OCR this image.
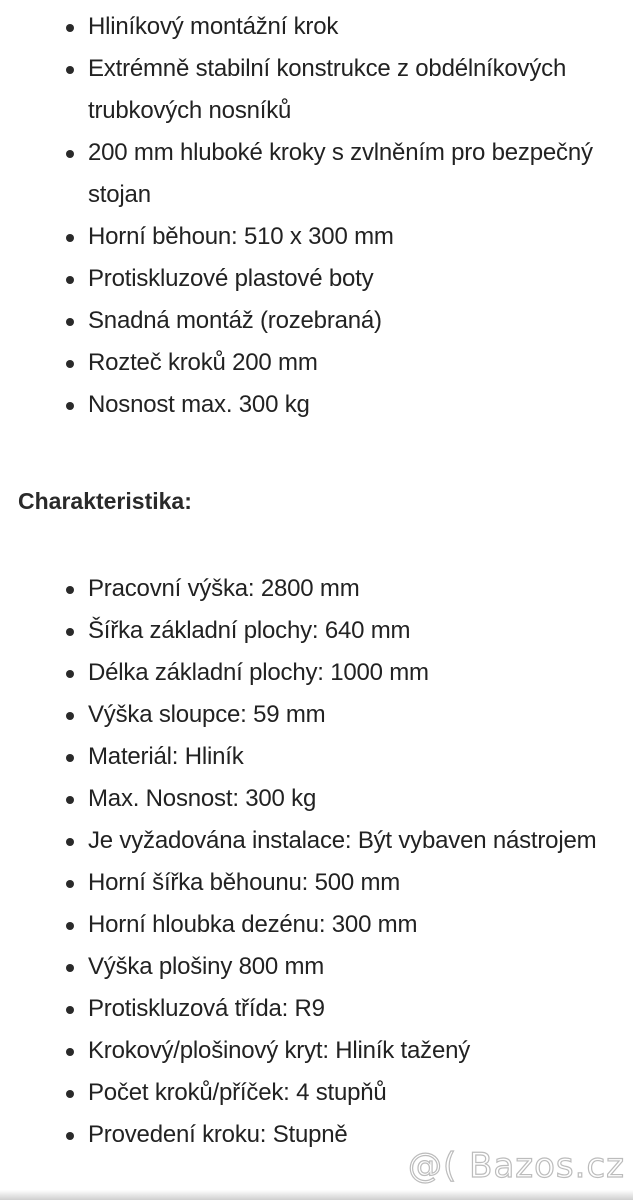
Hliníkový montážní krok
Extrémně stabilní konstrukce z obdélníkových trubkových nosníků
200 mm hluboké kroky s zvlněním pro bezpečný stojan
Horní běhoun: 510 x 300 mm
Protiskluzové plastové boty
Snadná montáž (rozebraná)
Rozteč kroků 200 mm
Nosnost max. 300 kg
Charakteristika:
Pracovní výška: 2800 mm
Šířka základní plochy: 640 mm
Délka základní plochy: 1000 mm
Výška sloupce: 59 mm
Materiál: Hliník
Max. Nosnost: 300 kg
Je vyžadována instalace: Být vybaven nástrojem
Horní šířka běhounu: 500 mm
Horní hloubka dezénu: 300 mm
Výška plošiny 800 mm
Protiskluzová třída: R9
Krokový/plošinový kryt: Hliník tažený
Počet kroků/příček: 4 stupňů
Provedení kroku: Stupně
@( Bazos.cz
